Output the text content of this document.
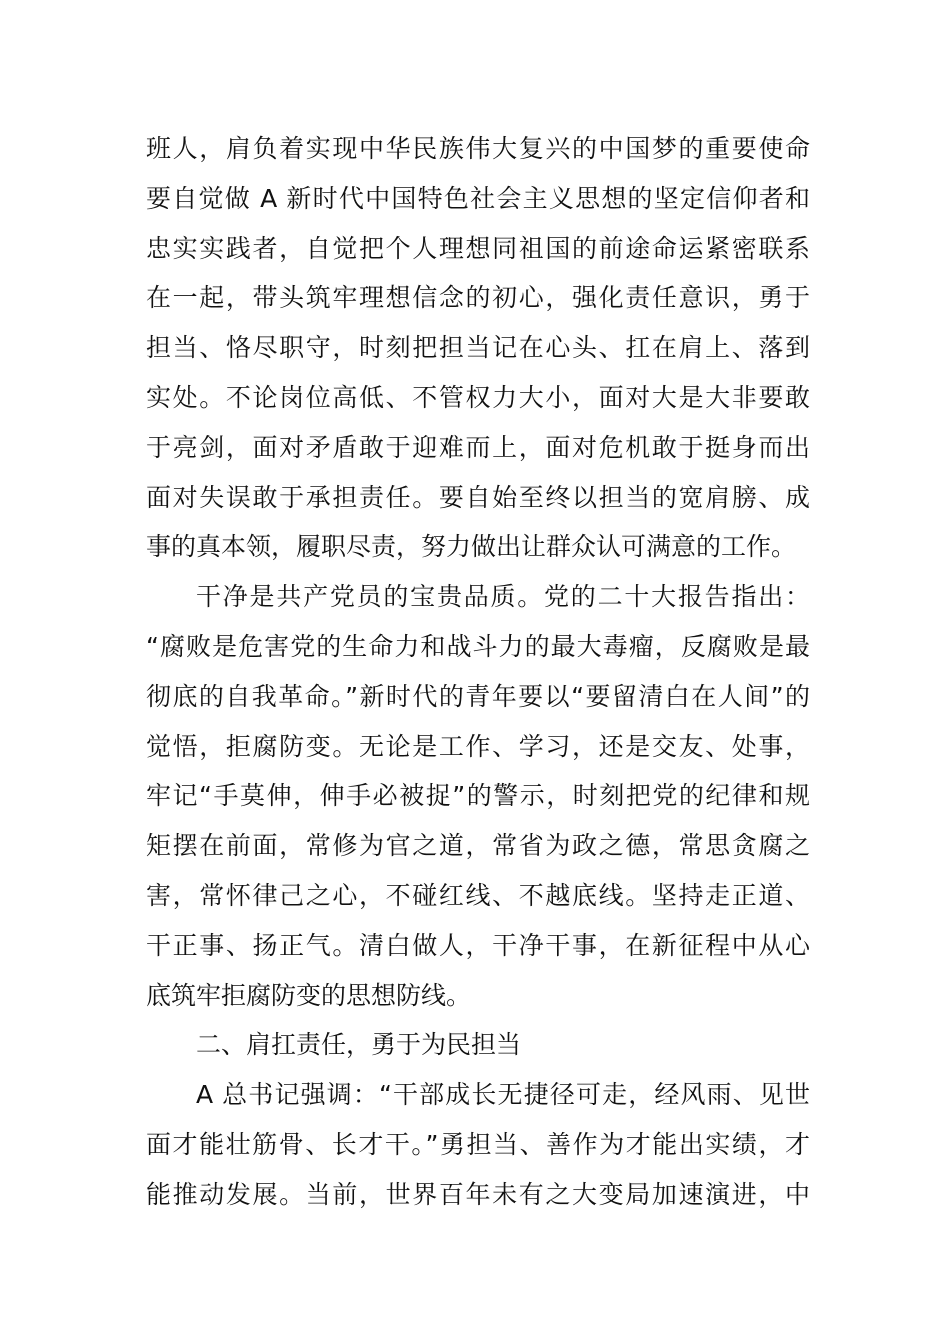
班人，肩负着实现中华民族伟大复兴的中国梦的重要使命
要自觉做 A 新时代中国特色社会主义思想的坚定信仰者和
忠实实践者，自觉把个人理想同祖国的前途命运紧密联系
在一起，带头筑牢理想信念的初心，强化责任意识，勇于
担当、恪尽职守，时刻把担当记在心头、扛在肩上、落到
实处。不论岗位高低、不管权力大小，面对大是大非要敢
于亮剑，面对矛盾敢于迎难而上，面对危机敢于挺身而出
面对失误敢于承担责任。要自始至终以担当的宽肩膀、成
事的真本领，履职尽责，努力做出让群众认可满意的工作。
干净是共产党员的宝贵品质。党的二十大报告指出：
“腐败是危害党的生命力和战斗力的最大毒瘤，反腐败是最
彻底的自我革命。”新时代的青年要以“要留清白在人间”的
觉悟，拒腐防变。无论是工作、学习，还是交友、处事，
牢记“手莫伸，伸手必被捉”的警示，时刻把党的纪律和规
矩摆在前面，常修为官之道，常省为政之德，常思贪腐之
害，常怀律己之心，不碰红线、不越底线。坚持走正道、
干正事、扬正气。清白做人，干净干事，在新征程中从心
底筑牢拒腐防变的思想防线。
二、肩扛责任，勇于为民担当
A 总书记强调：“干部成长无捷径可走，经风雨、见世
面才能壮筋骨、长才干。”勇担当、善作为才能出实绩，才
能推动发展。当前，世界百年未有之大变局加速演进，中
